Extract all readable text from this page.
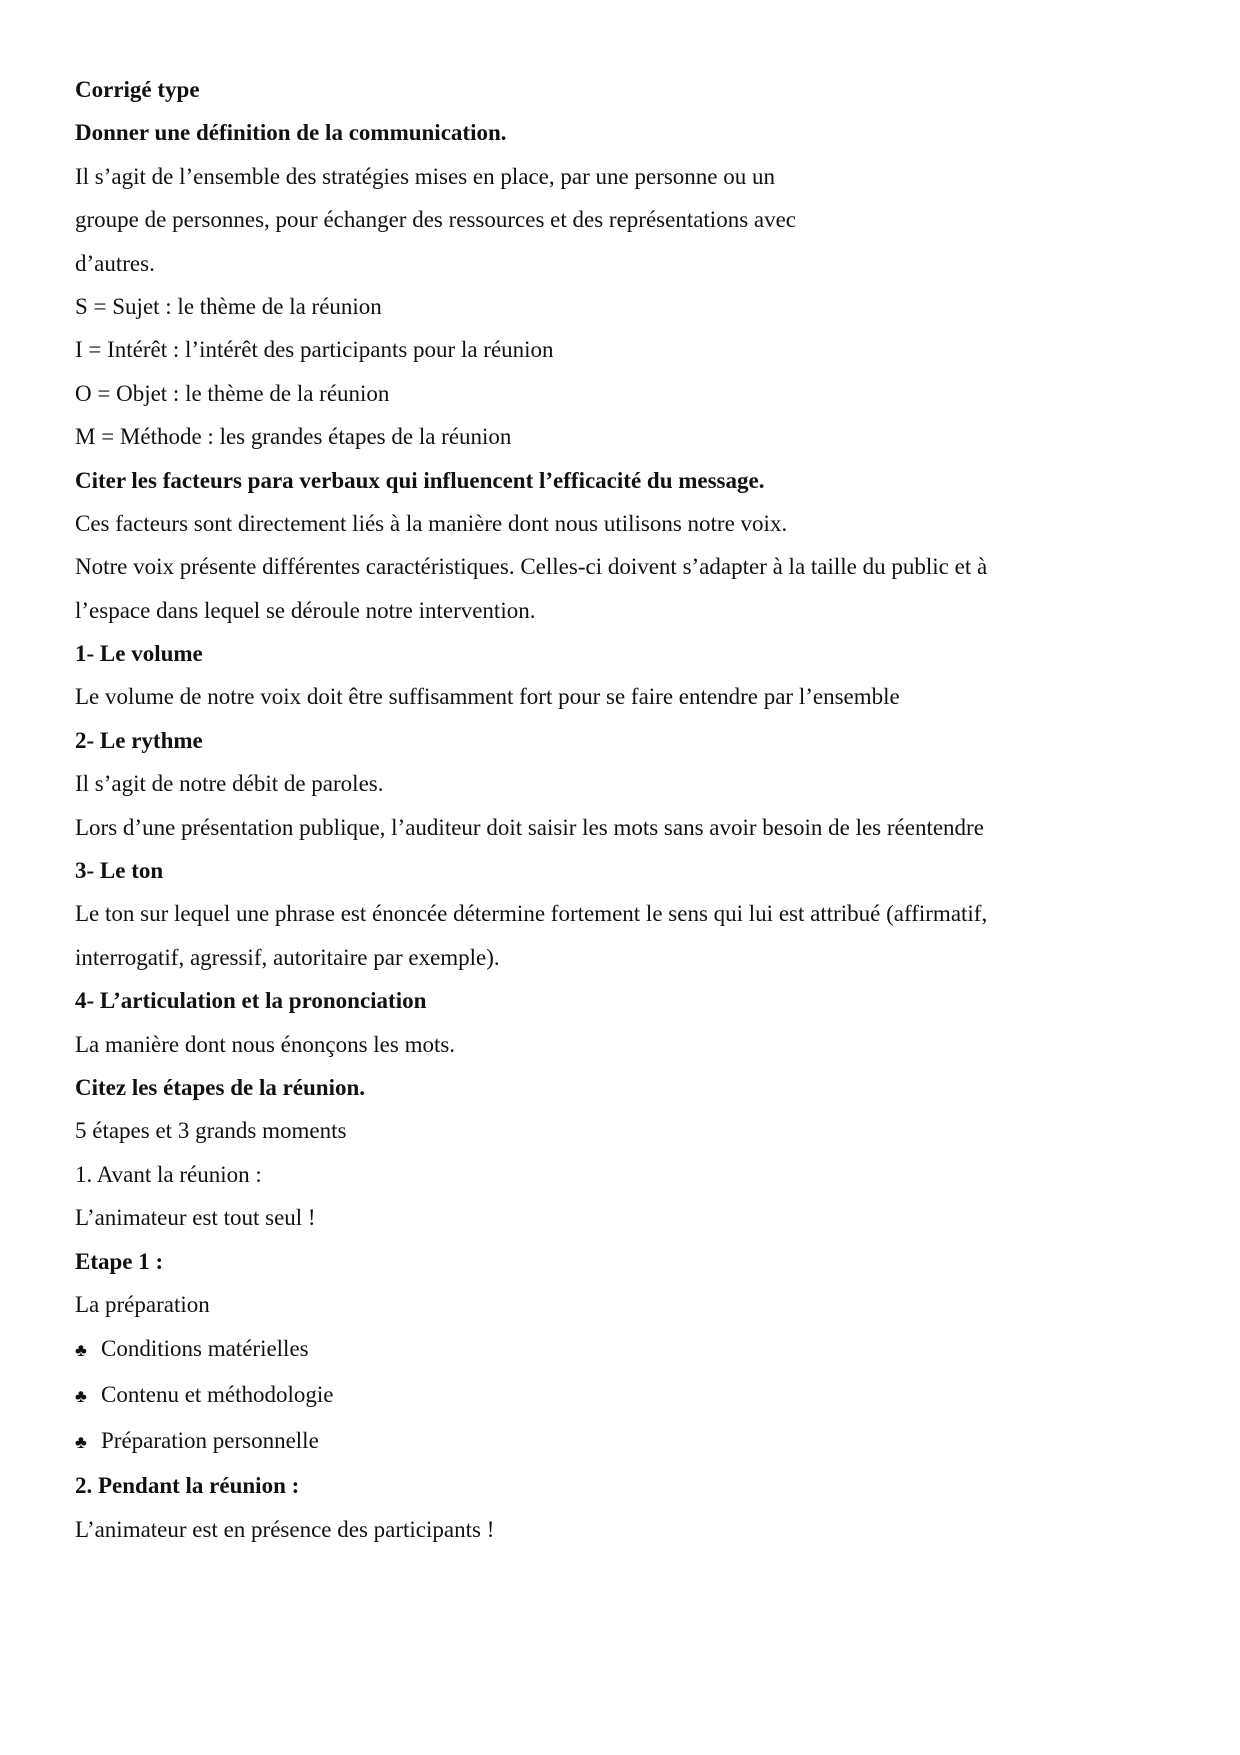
Corrigé type
Donner une définition de la communication.
Il s’agit de l’ensemble des stratégies mises en place, par une personne ou un
groupe de personnes, pour échanger des ressources et des représentations avec
d’autres.
S = Sujet : le thème de la réunion
I = Intérêt : l’intérêt des participants pour la réunion
O = Objet : le thème de la réunion
M = Méthode : les grandes étapes de la réunion
Citer les facteurs para verbaux qui influencent l’efficacité du message.
Ces facteurs sont directement liés à la manière dont nous utilisons notre voix.
Notre voix présente différentes caractéristiques. Celles-ci doivent s’adapter à la taille du public et à
l’espace dans lequel se déroule notre intervention.
1- Le volume
Le volume de notre voix doit être suffisamment fort pour se faire entendre par l’ensemble
2- Le rythme
Il s’agit de notre débit de paroles.
Lors d’une présentation publique, l’auditeur doit saisir les mots sans avoir besoin de les réentendre
3- Le ton
Le ton sur lequel une phrase est énoncée détermine fortement le sens qui lui est attribué (affirmatif,
interrogatif, agressif, autoritaire par exemple).
4- L’articulation et la prononciation
La manière dont nous énonçons les mots.
Citez les étapes de la réunion.
5 étapes et 3 grands moments
1. Avant la réunion :
L’animateur est tout seul !
Etape 1 :
La préparation
♣ Conditions matérielles
♣ Contenu et méthodologie
♣ Préparation personnelle
2. Pendant la réunion :
L’animateur est en présence des participants !
